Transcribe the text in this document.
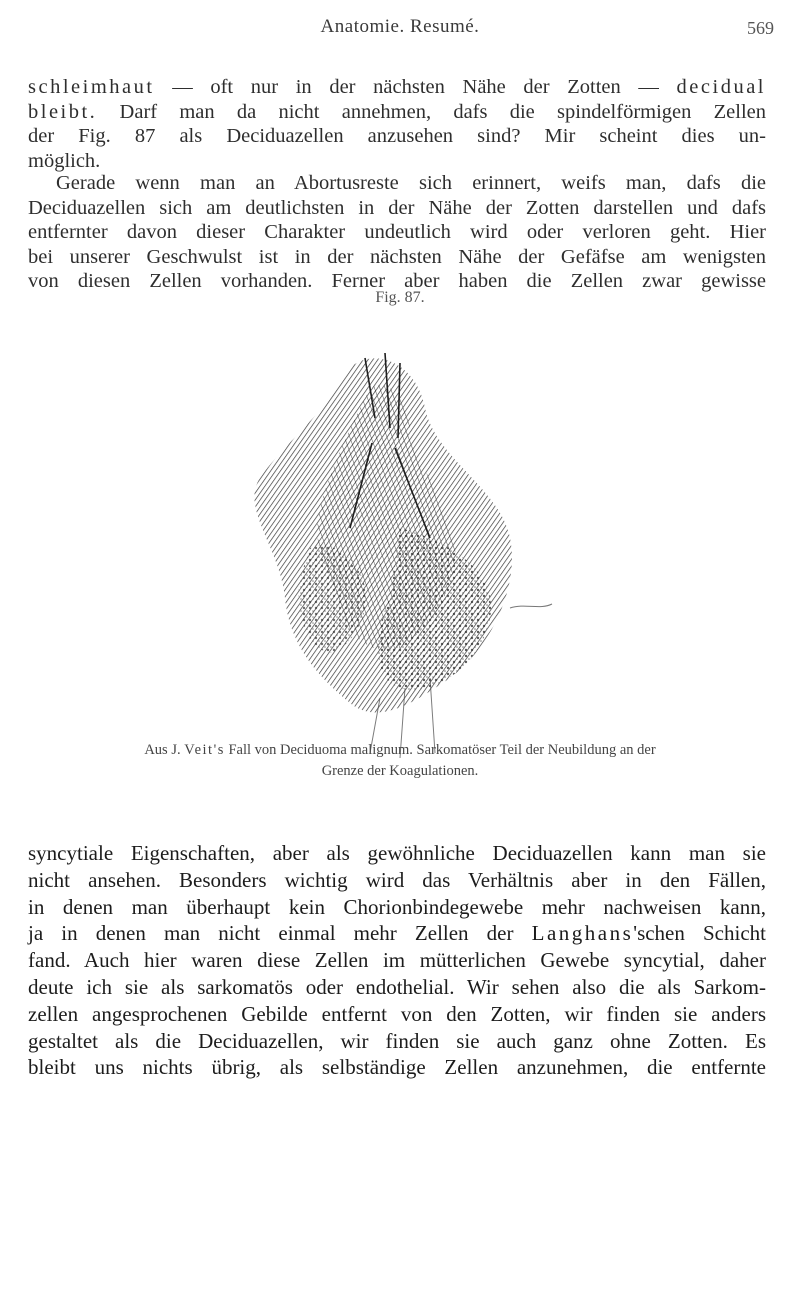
Anatomie. Resumé.	569

schleimhaut — oft nur in der nächsten Nähe der Zotten — decidual
bleibt. Darf man da nicht annehmen, dafs die spindelförmigen Zellen
der Fig. 87 als Deciduazellen anzusehen sind? Mir scheint dies un-
möglich.

Gerade wenn man an Abortusreste sich erinnert, weifs man, dafs die
Deciduazellen sich am deutlichsten in der Nähe der Zotten darstellen und dafs
entfernter davon dieser Charakter undeutlich wird oder verloren geht. Hier
bei unserer Geschwulst ist in der nächsten Nähe der Gefäfse am wenigsten
von diesen Zellen vorhanden. Ferner aber haben die Zellen zwar gewisse

Fig. 87.

Aus J. Veit's Fall von Deciduoma malignum. Sarkomatöser Teil der Neubildung an der
Grenze der Koagulationen.

syncytiale Eigenschaften, aber als gewöhnliche Deciduazellen kann man sie
nicht ansehen. Besonders wichtig wird das Verhältnis aber in den Fällen,
in denen man überhaupt kein Chorionbindegewebe mehr nachweisen kann,
ja in denen man nicht einmal mehr Zellen der Langhans'schen Schicht
fand. Auch hier waren diese Zellen im mütterlichen Gewebe syncytial, daher
deute ich sie als sarkomatös oder endothelial. Wir sehen also die als Sarkom-
zellen angesprochenen Gebilde entfernt von den Zotten, wir finden sie anders
gestaltet als die Deciduazellen, wir finden sie auch ganz ohne Zotten. Es
bleibt uns nichts übrig, als selbständige Zellen anzunehmen, die entfernte
